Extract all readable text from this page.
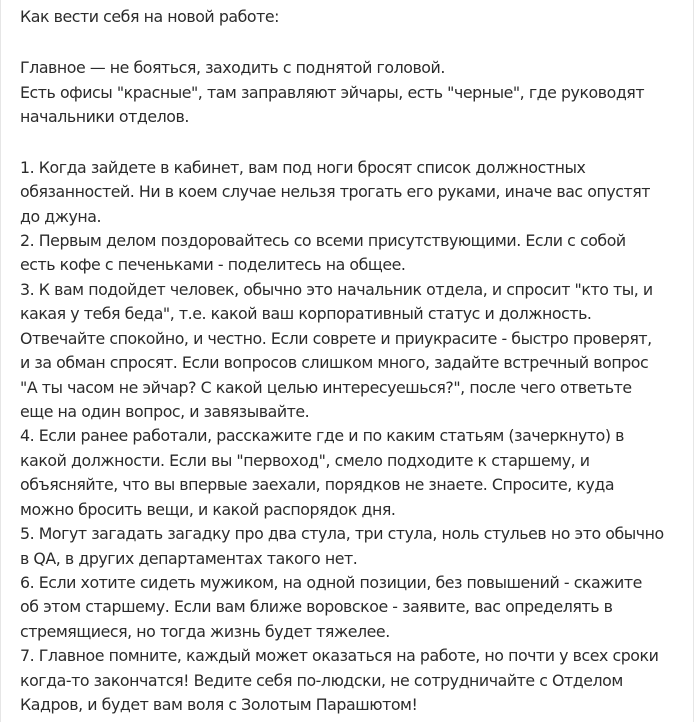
Как вести себя на новой работе:
Главное — не бояться, заходить с поднятой головой.
Есть офисы "красные", там заправляют эйчары, есть "черные", где руководят
начальники отделов.
1. Когда зайдете в кабинет, вам под ноги бросят список должностных
обязанностей. Ни в коем случае нельзя трогать его руками, иначе вас опустят
до джуна.
2. Первым делом поздоровайтесь со всеми присутствующими. Если с собой
есть кофе с печеньками - поделитесь на общее.
3. К вам подойдет человек, обычно это начальник отдела, и спросит "кто ты, и
какая у тебя беда", т.е. какой ваш корпоративный статус и должность.
Отвечайте спокойно, и честно. Если соврете и приукрасите - быстро проверят,
и за обман спросят. Если вопросов слишком много, задайте встречный вопрос
"А ты часом не эйчар? С какой целью интересуешься?", после чего ответьте
еще на один вопрос, и завязывайте.
4. Если ранее работали, расскажите где и по каким статьям (зачеркнуто) в
какой должности. Если вы "первоход", смело подходите к старшему, и
объясняйте, что вы впервые заехали, порядков не знаете. Спросите, куда
можно бросить вещи, и какой распорядок дня.
5. Могут загадать загадку про два стула, три стула, ноль стульев но это обычно
в QA, в других департаментах такого нет.
6. Если хотите сидеть мужиком, на одной позиции, без повышений - скажите
об этом старшему. Если вам ближе воровское - заявите, вас определять в
стремящиеся, но тогда жизнь будет тяжелее.
7. Главное помните, каждый может оказаться на работе, но почти у всех сроки
когда-то закончатся! Ведите себя по-людски, не сотрудничайте с Отделом
Кадров, и будет вам воля с Золотым Парашютом!
